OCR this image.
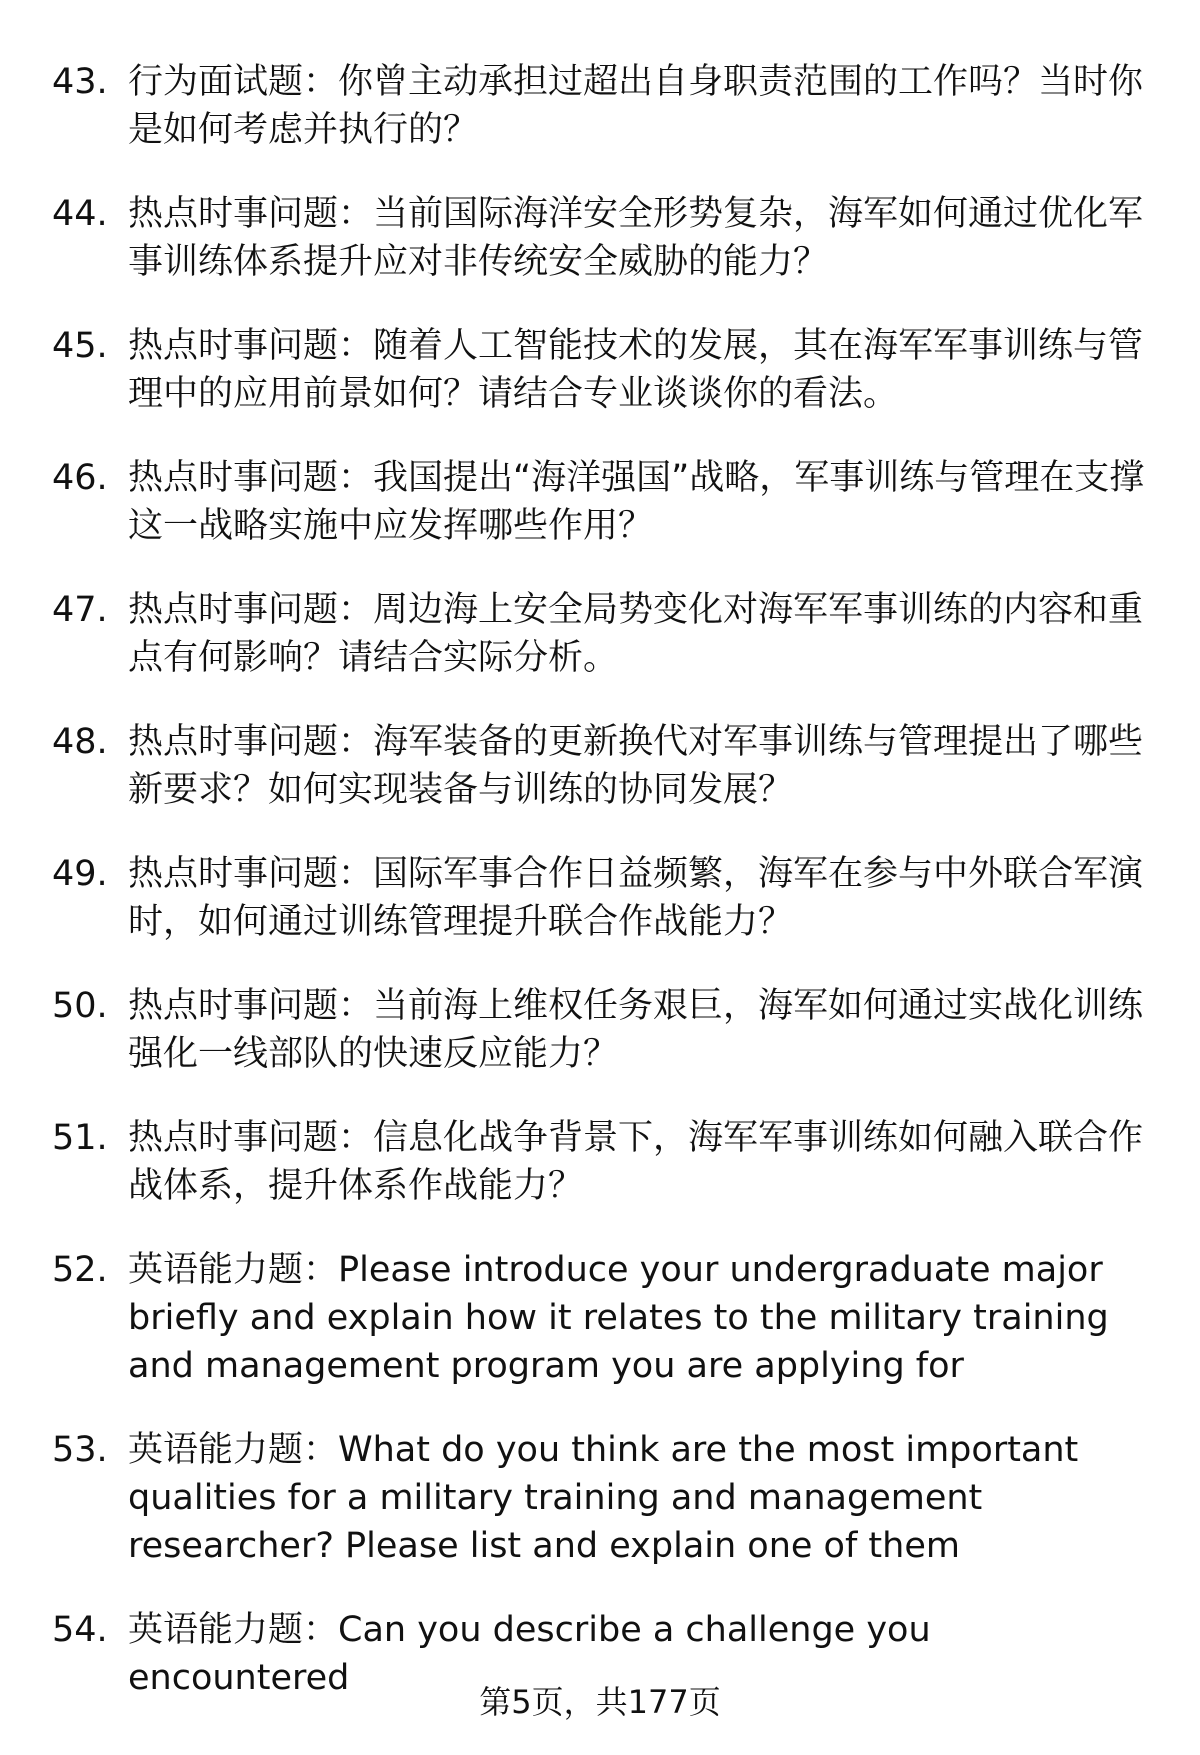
43. 行为面试题：你曾主动承担过超出自身职责范围的工作吗？当时你是如何考虑并执行的？
44. 热点时事问题：当前国际海洋安全形势复杂，海军如何通过优化军事训练体系提升应对非传统安全威胁的能力？
45. 热点时事问题：随着人工智能技术的发展，其在海军军事训练与管理中的应用前景如何？请结合专业谈谈你的看法。
46. 热点时事问题：我国提出“海洋强国”战略，军事训练与管理在支撑这一战略实施中应发挥哪些作用？
47. 热点时事问题：周边海上安全局势变化对海军军事训练的内容和重点有何影响？请结合实际分析。
48. 热点时事问题：海军装备的更新换代对军事训练与管理提出了哪些新要求？如何实现装备与训练的协同发展？
49. 热点时事问题：国际军事合作日益频繁，海军在参与中外联合军演时，如何通过训练管理提升联合作战能力？
50. 热点时事问题：当前海上维权任务艰巨，海军如何通过实战化训练强化一线部队的快速反应能力？
51. 热点时事问题：信息化战争背景下，海军军事训练如何融入联合作战体系，提升体系作战能力？
52. 英语能力题：Please introduce your undergraduate major briefly and explain how it relates to the military training and management program you are applying for
53. 英语能力题：What do you think are the most important qualities for a military training and management researcher? Please list and explain one of them
54. 英语能力题：Can you describe a challenge you encountered
第5页，共177页
